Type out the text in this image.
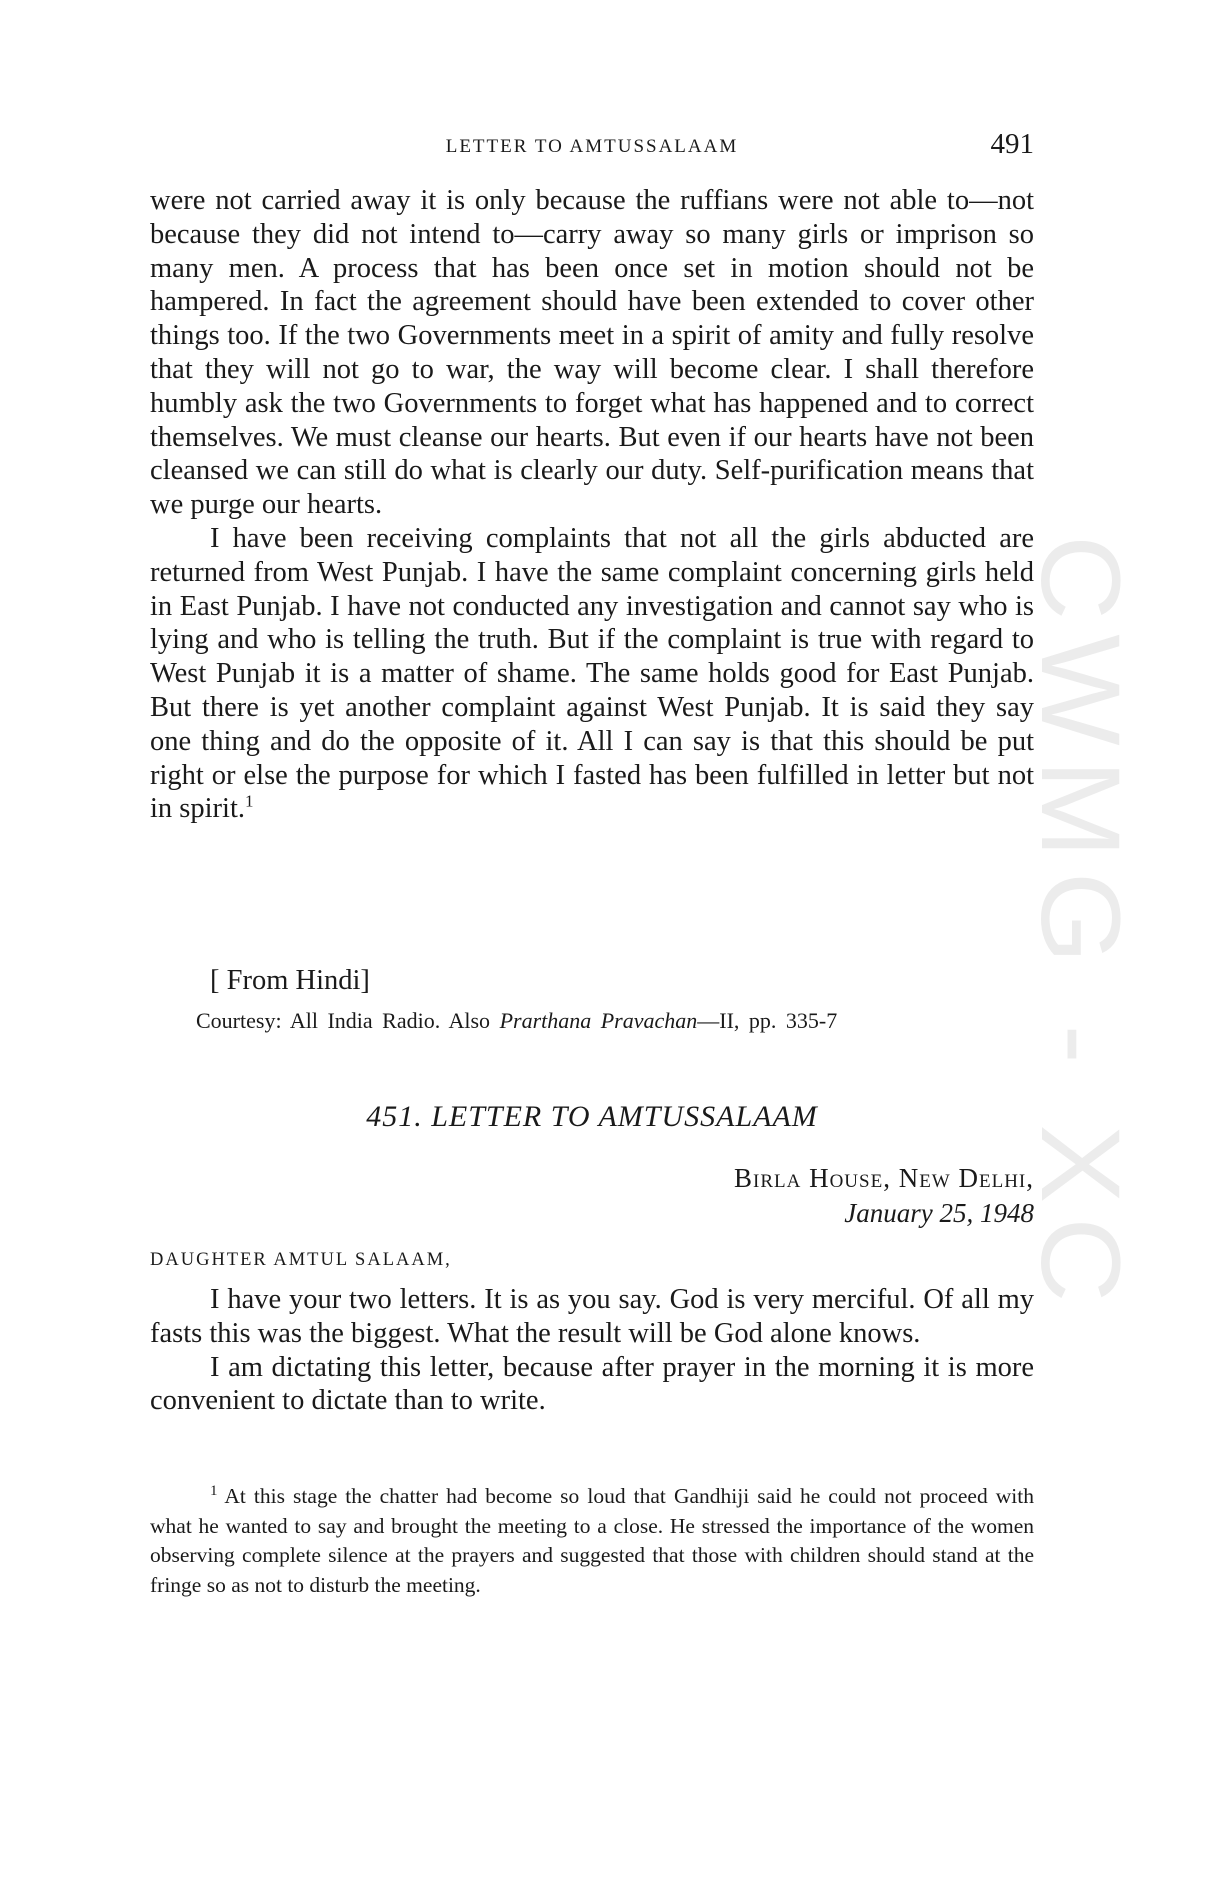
CWMG - XC
LETTER TO AMTUSSALAAM	491

were not carried away it is only because the ruffians were not able to—not because they did not intend to—carry away so many girls or imprison so many men. A process that has been once set in motion should not be hampered. In fact the agreement should have been extended to cover other things too. If the two Governments meet in a spirit of amity and fully resolve that they will not go to war, the way will become clear. I shall therefore humbly ask the two Governments to forget what has happened and to correct themselves. We must cleanse our hearts. But even if our hearts have not been cleansed we can still do what is clearly our duty. Self-purification means that we purge our hearts.

I have been receiving complaints that not all the girls abducted are returned from West Punjab. I have the same complaint concerning girls held in East Punjab. I have not conducted any investigation and cannot say who is lying and who is telling the truth. But if the complaint is true with regard to West Punjab it is a matter of shame. The same holds good for East Punjab. But there is yet another complaint against West Punjab. It is said they say one thing and do the opposite of it. All I can say is that this should be put right or else the purpose for which I fasted has been fulfilled in letter but not in spirit.$^1$

[ From Hindi]
Courtesy: All India Radio. Also Prarthana Pravachan—II, pp. 335-7
451. LETTER TO AMTUSSALAAM
Birla House, New Delhi,
January 25, 1948
DAUGHTER AMTUL SALAAM,

I have your two letters. It is as you say. God is very merciful. Of all my fasts this was the biggest. What the result will be God alone knows.

I am dictating this letter, because after prayer in the morning it is more convenient to dictate than to write.

$^1$ At this stage the chatter had become so loud that Gandhiji said he could not proceed with what he wanted to say and brought the meeting to a close. He stressed the importance of the women observing complete silence at the prayers and suggested that those with children should stand at the fringe so as not to disturb the meeting.
